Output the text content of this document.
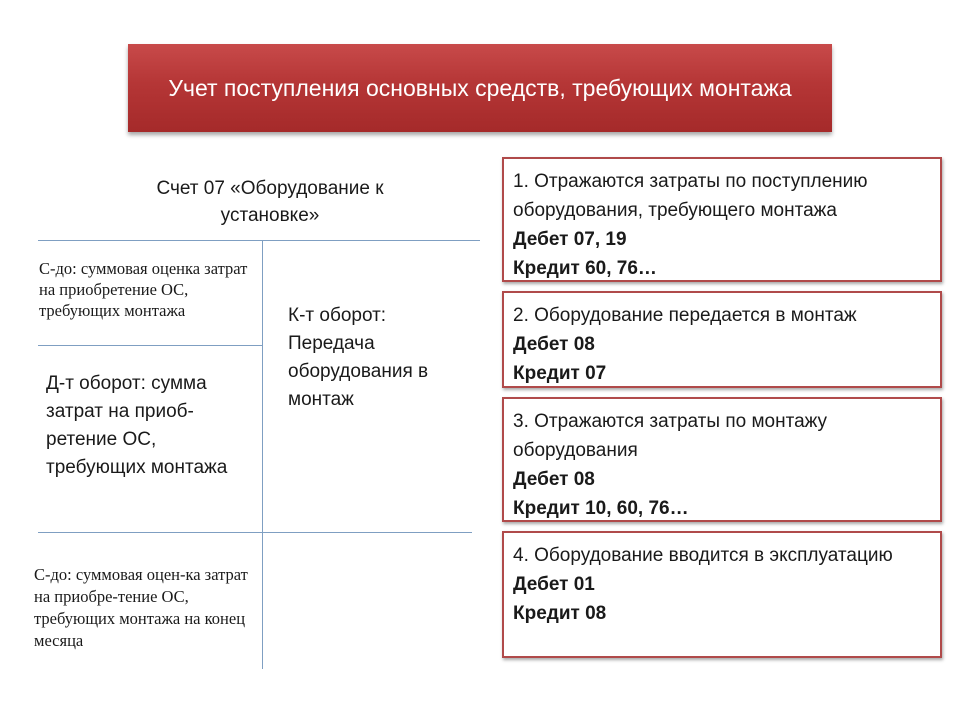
Учет поступления основных средств, требующих монтажа
Счет 07 «Оборудование к установке»
С-до: суммовая оценка затрат на приобретение ОС, требующих монтажа
Д-т оборот: сумма затрат на приоб-ретение ОС, требующих монтажа
К-т оборот: Передача оборудования в монтаж
С-до: суммовая оцен-ка затрат на приобре-тение ОС, требующих монтажа на конец месяца
1. Отражаются затраты по поступлению оборудования, требующего монтажа
Дебет 07, 19
Кредит 60, 76…
2. Оборудование передается в монтаж
Дебет 08
Кредит 07
3. Отражаются затраты по монтажу оборудования
Дебет 08
Кредит 10, 60, 76…
4. Оборудование вводится в эксплуатацию
Дебет 01
Кредит 08
